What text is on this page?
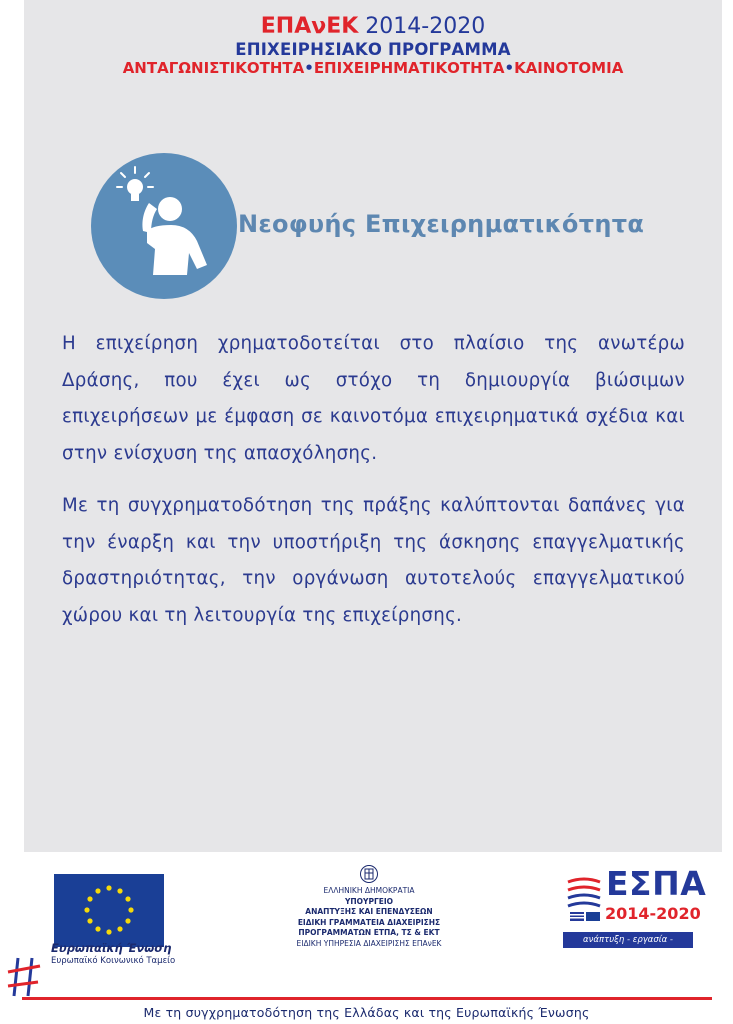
ΕΠΑνΕΚ 2014-2020
ΕΠΙΧΕΙΡΗΣΙΑΚΟ ΠΡΟΓΡΑΜΜΑ
ΑΝΤΑΓΩΝΙΣΤΙΚΟΤΗΤΑ•ΕΠΙΧΕΙΡΗΜΑΤΙΚΟΤΗΤΑ•ΚΑΙΝΟΤΟΜΙΑ
Νεοφυής Επιχειρηματικότητα
Η επιχείρηση χρηματοδοτείται στο πλαίσιο της ανωτέρω Δράσης, που έχει ως στόχο τη δημιουργία βιώσιμων επιχειρήσεων με έμφαση σε καινοτόμα επιχειρηματικά σχέδια και στην ενίσχυση της απασχόλησης.
Με τη συγχρηματοδότηση της πράξης καλύπτονται δαπάνες για την έναρξη και την υποστήριξη της άσκησης επαγγελματικής δραστηριότητας, την οργάνωση αυτοτελούς επαγγελματικού χώρου και τη λειτουργία της επιχείρησης.
Ευρωπαϊκή Ένωση
Ευρωπαϊκό Κοινωνικό Ταμείο
ΕΛΛΗΝΙΚΗ ΔΗΜΟΚΡΑΤΙΑ
ΥΠΟΥΡΓΕΙΟ
ΑΝΑΠΤΥΞΗΣ ΚΑΙ ΕΠΕΝΔΥΣΕΩΝ
ΕΙΔΙΚΗ ΓΡΑΜΜΑΤΕΙΑ ΔΙΑΧΕΙΡΙΣΗΣ
ΠΡΟΓΡΑΜΜΑΤΩΝ ΕΤΠΑ, ΤΣ & ΕΚΤ
ΕΙΔΙΚΗ ΥΠΗΡΕΣΙΑ ΔΙΑΧΕΙΡΙΣΗΣ ΕΠΑνΕΚ
ΕΣΠΑ
2014-2020
ανάπτυξη - εργασία - αλληλεγγύη
Με τη συγχρηματοδότηση της Ελλάδας και της Ευρωπαϊκής Ένωσης
